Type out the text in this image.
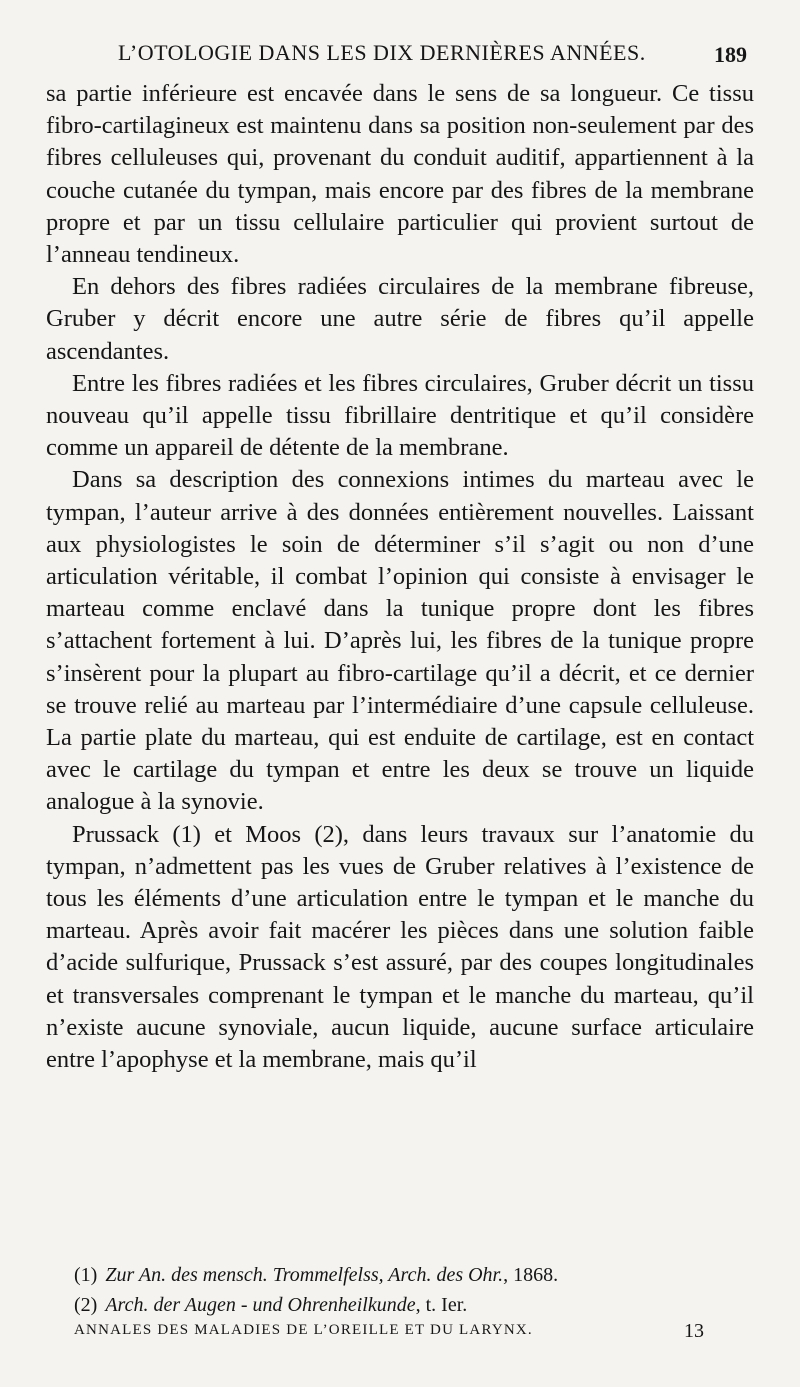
L’OTOLOGIE DANS LES DIX DERNIÈRES ANNÉES.	189

sa partie inférieure est encavée dans le sens de sa longueur. Ce tissu fibro-cartilagineux est maintenu dans sa position non-seulement par des fibres celluleuses qui, provenant du conduit auditif, appartiennent à la couche cutanée du tympan, mais encore par des fibres de la membrane propre et par un tissu cellulaire particulier qui provient surtout de l’anneau tendineux.

En dehors des fibres radiées circulaires de la membrane fibreuse, Gruber y décrit encore une autre série de fibres qu’il appelle ascendantes.

Entre les fibres radiées et les fibres circulaires, Gruber décrit un tissu nouveau qu’il appelle tissu fibrillaire dentritique et qu’il considère comme un appareil de détente de la membrane.

Dans sa description des connexions intimes du marteau avec le tympan, l’auteur arrive à des données entièrement nouvelles. Laissant aux physiologistes le soin de déterminer s’il s’agit ou non d’une articulation véritable, il combat l’opinion qui consiste à envisager le marteau comme enclavé dans la tunique propre dont les fibres s’attachent fortement à lui. D’après lui, les fibres de la tunique propre s’insèrent pour la plupart au fibro-cartilage qu’il a décrit, et ce dernier se trouve relié au marteau par l’intermédiaire d’une capsule celluleuse. La partie plate du marteau, qui est enduite de cartilage, est en contact avec le cartilage du tympan et entre les deux se trouve un liquide analogue à la synovie.

Prussack (1) et Moos (2), dans leurs travaux sur l’anatomie du tympan, n’admettent pas les vues de Gruber relatives à l’existence de tous les éléments d’une articulation entre le tympan et le manche du marteau. Après avoir fait macérer les pièces dans une solution faible d’acide sulfurique, Prussack s’est assuré, par des coupes longitudinales et transversales comprenant le tympan et le manche du marteau, qu’il n’existe aucune synoviale, aucun liquide, aucune surface articulaire entre l’apophyse et la membrane, mais qu’il

(1) Zur An. des mensch. Trommelfelss, Arch. des Ohr., 1868.

(2) Arch. der Augen - und Ohrenheilkunde, t. Ier.

ANNALES DES MALADIES DE L’OREILLE ET DU LARYNX.	13
